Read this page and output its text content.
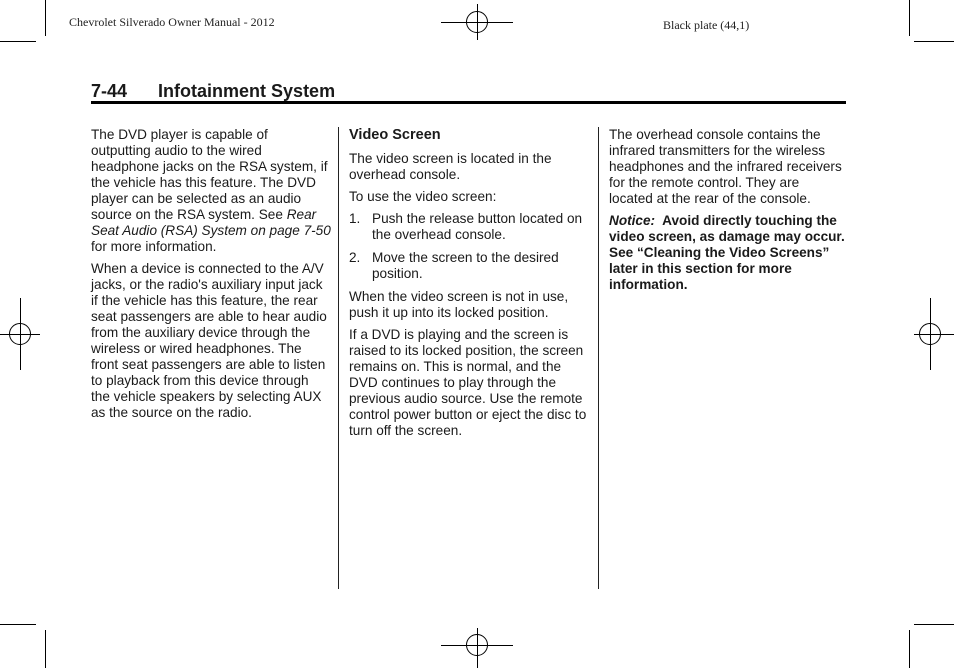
Chevrolet Silverado Owner Manual - 2012	Black plate (44,1)
7-44 Infotainment System

The DVD player is capable of outputting audio to the wired headphone jacks on the RSA system, if the vehicle has this feature. The DVD player can be selected as an audio source on the RSA system. See Rear Seat Audio (RSA) System on page 7-50 for more information.

When a device is connected to the A/V jacks, or the radio's auxiliary input jack if the vehicle has this feature, the rear seat passengers are able to hear audio from the auxiliary device through the wireless or wired headphones. The front seat passengers are able to listen to playback from this device through the vehicle speakers by selecting AUX as the source on the radio.

Video Screen

The video screen is located in the overhead console.

To use the video screen:

1. Push the release button located on the overhead console.
2. Move the screen to the desired position.

When the video screen is not in use, push it up into its locked position.

If a DVD is playing and the screen is raised to its locked position, the screen remains on. This is normal, and the DVD continues to play through the previous audio source. Use the remote control power button or eject the disc to turn off the screen.

The overhead console contains the infrared transmitters for the wireless headphones and the infrared receivers for the remote control. They are located at the rear of the console.

Notice: Avoid directly touching the video screen, as damage may occur. See “Cleaning the Video Screens” later in this section for more information.
